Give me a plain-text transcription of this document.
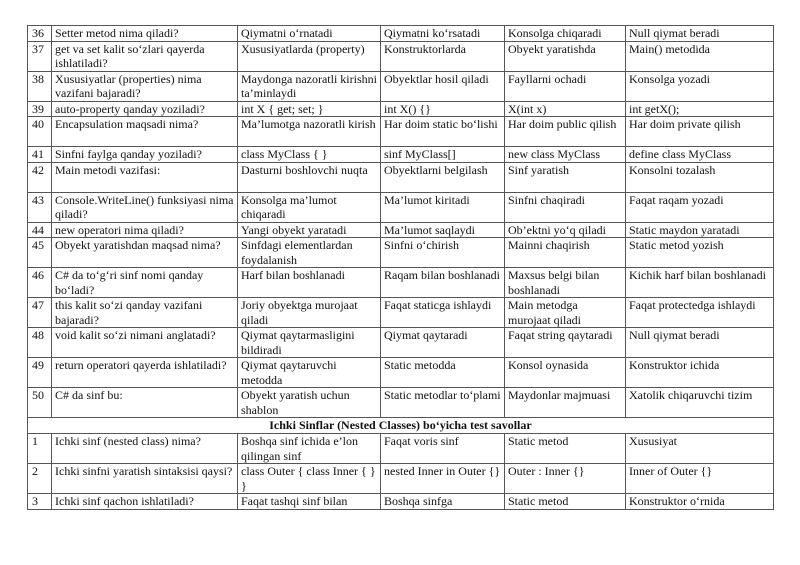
36	Setter metod nima qiladi?	Qiymatni o‘rnatadi	Qiymatni ko‘rsatadi	Konsolga chiqaradi	Null qiymat beradi
37	get va set kalit so‘zlari qayerda ishlatiladi?	Xususiyatlarda (property)	Konstruktorlarda	Obyekt yaratishda	Main() metodida
38	Xususiyatlar (properties) nima vazifani bajaradi?	Maydonga nazoratli kirishni ta’minlaydi	Obyektlar hosil qiladi	Fayllarni ochadi	Konsolga yozadi
39	auto-property qanday yoziladi?	int X { get; set; }	int X() {}	X(int x)	int getX();
40	Encapsulation maqsadi nima?	Ma’lumotga nazoratli kirish	Har doim static bo‘lishi	Har doim public qilish	Har doim private qilish
41	Sinfni faylga qanday yoziladi?	class MyClass { }	sinf MyClass[]	new class MyClass	define class MyClass
42	Main metodi vazifasi:	Dasturni boshlovchi nuqta	Obyektlarni belgilash	Sinf yaratish	Konsolni tozalash
43	Console.WriteLine() funksiyasi nima qiladi?	Konsolga ma’lumot chiqaradi	Ma’lumot kiritadi	Sinfni chaqiradi	Faqat raqam yozadi
44	new operatori nima qiladi?	Yangi obyekt yaratadi	Ma’lumot saqlaydi	Ob’ektni yo‘q qiladi	Static maydon yaratadi
45	Obyekt yaratishdan maqsad nima?	Sinfdagi elementlardan foydalanish	Sinfni o‘chirish	Mainni chaqirish	Static metod yozish
46	C# da to‘g‘ri sinf nomi qanday bo‘ladi?	Harf bilan boshlanadi	Raqam bilan boshlanadi	Maxsus belgi bilan boshlanadi	Kichik harf bilan boshlanadi
47	this kalit so‘zi qanday vazifani bajaradi?	Joriy obyektga murojaat qiladi	Faqat staticga ishlaydi	Main metodga murojaat qiladi	Faqat protectedga ishlaydi
48	void kalit so‘zi nimani anglatadi?	Qiymat qaytarmasligini bildiradi	Qiymat qaytaradi	Faqat string qaytaradi	Null qiymat beradi
49	return operatori qayerda ishlatiladi?	Qiymat qaytaruvchi metodda	Static metodda	Konsol oynasida	Konstruktor ichida
50	C# da sinf bu:	Obyekt yaratish uchun shablon	Static metodlar to‘plami	Maydonlar majmuasi	Xatolik chiqaruvchi tizim
Ichki Sinflar (Nested Classes) bo‘yicha test savollar					
1	Ichki sinf (nested class) nima?	Boshqa sinf ichida e’lon qilingan sinf	Faqat voris sinf	Static metod	Xususiyat
2	Ichki sinfni yaratish sintaksisi qaysi?	class Outer { class Inner { } }	nested Inner in Outer {}	Outer : Inner {}	Inner of Outer {}
3	Ichki sinf qachon ishlatiladi?	Faqat tashqi sinf bilan	Boshqa sinfga	Static metod	Konstruktor o‘rnida
